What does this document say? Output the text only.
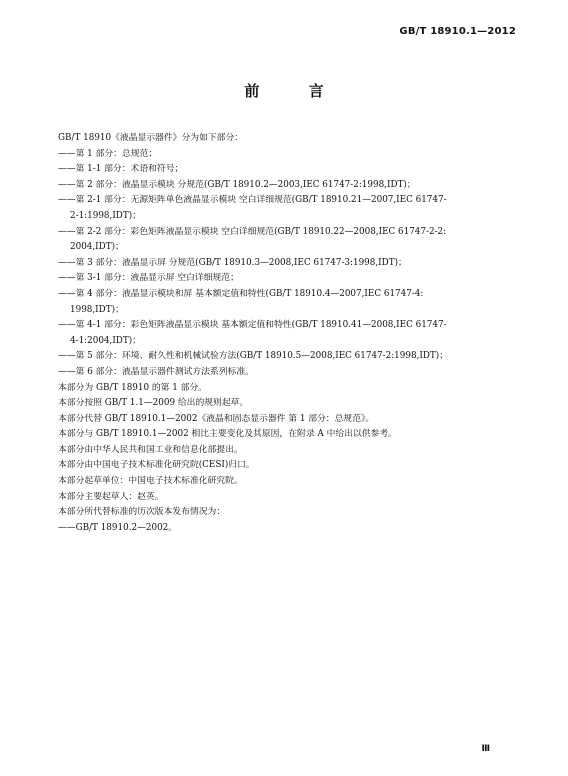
GB/T 18910.1—2012
前 言
GB/T 18910《液晶显示器件》分为如下部分：
——第 1 部分：总规范；
——第 1-1 部分：术语和符号；
——第 2 部分：液晶显示模块 分规范(GB/T 18910.2—2003,IEC 61747-2:1998,IDT)；
——第 2-1 部分：无源矩阵单色液晶显示模块 空白详细规范(GB/T 18910.21—2007,IEC 61747-
2-1:1998,IDT)；
——第 2-2 部分：彩色矩阵液晶显示模块 空白详细规范(GB/T 18910.22—2008,IEC 61747-2-2:
2004,IDT)；
——第 3 部分：液晶显示屏 分规范(GB/T 18910.3—2008,IEC 61747-3:1998,IDT)；
——第 3-1 部分：液晶显示屏 空白详细规范；
——第 4 部分：液晶显示模块和屏 基本额定值和特性(GB/T 18910.4—2007,IEC 61747-4:
1998,IDT)；
——第 4-1 部分：彩色矩阵液晶显示模块 基本额定值和特性(GB/T 18910.41—2008,IEC 61747-
4-1:2004,IDT)；
——第 5 部分：环境、耐久性和机械试验方法(GB/T 18910.5—2008,IEC 61747-2:1998,IDT)；
——第 6 部分：液晶显示器件测试方法系列标准。
本部分为 GB/T 18910 的第 1 部分。
本部分按照 GB/T 1.1—2009 给出的规则起草。
本部分代替 GB/T 18910.1—2002《液晶和固态显示器件 第 1 部分：总规范》。
本部分与 GB/T 18910.1—2002 相比主要变化及其原因，在附录 A 中给出以供参考。
本部分由中华人民共和国工业和信息化部提出。
本部分由中国电子技术标准化研究院(CESI)归口。
本部分起草单位：中国电子技术标准化研究院。
本部分主要起草人：赵英。
本部分所代替标准的历次版本发布情况为：
——GB/T 18910.2—2002。
Ⅲ
